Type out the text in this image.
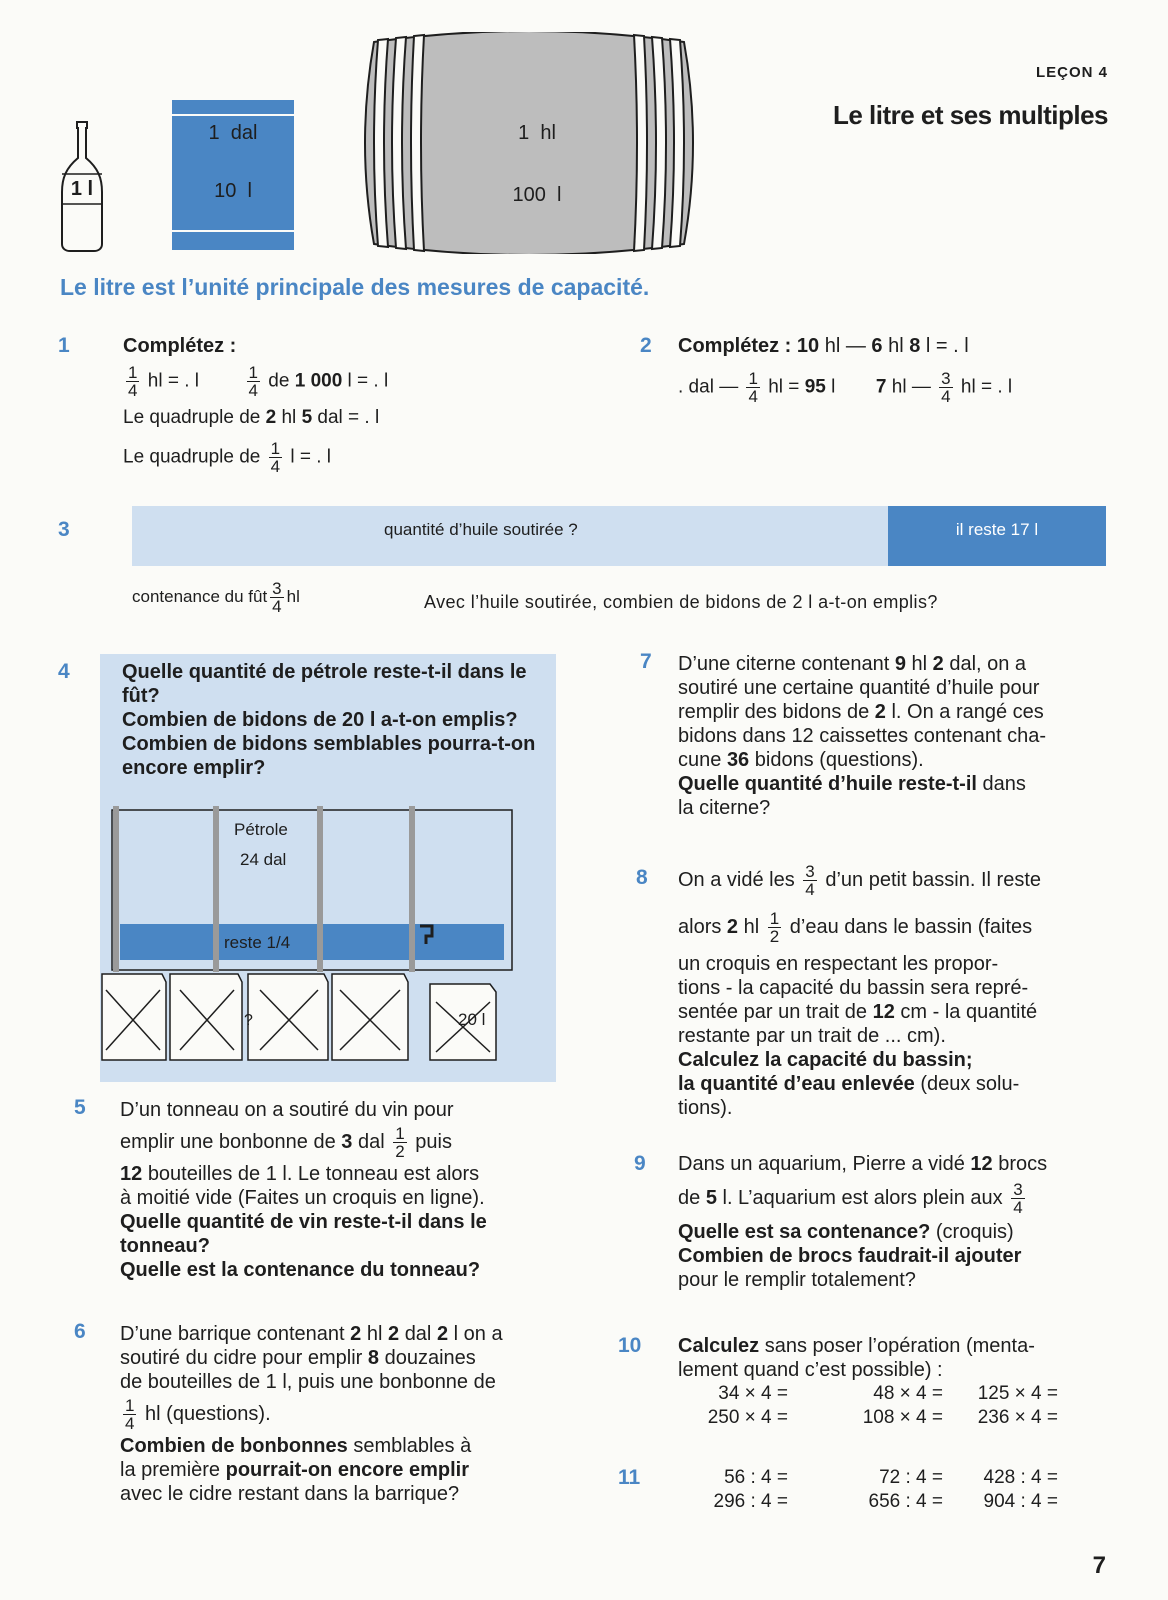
1 l
1  dal
10  l
1  hl
100  l
LEÇON 4
Le litre et ses multiples
Le litre est l’unité principale des mesures de capacité.
1	Complétez :
$\frac{1}{4}$ hl = . l	$\frac{1}{4}$ de 1 000 l = . l
Le quadruple de 2 hl 5 dal = . l
Le quadruple de $\frac{1}{4}$ l = . l
2 Complétez : 10 hl — 6 hl 8 l = . l
. dal — $\frac{1}{4}$ hl = 95 l 7 hl — $\frac{3}{4}$ hl = . l
3	quantité d’huile soutirée ?	il reste 17 l
contenance du fût $\frac{3}{4}$ hl	Avec l’huile soutirée, combien de bidons de 2 l a-t-on emplis?
4	Quelle quantité de pétrole reste-t-il dans le fût?
Combien de bidons de 20 l a-t-on emplis?
Combien de bidons semblables pourra-t-on encore emplir?
Pétrole
24 dal
reste 1/4
?	20 l
5 D’un tonneau on a soutiré du vin pour
emplir une bonbonne de 3 dal $\frac{1}{2}$ puis
12 bouteilles de 1 l. Le tonneau est alors
à moitié vide (Faites un croquis en ligne).
Quelle quantité de vin reste-t-il dans le tonneau?
Quelle est la contenance du tonneau?
6 D’une barrique contenant 2 hl 2 dal 2 l on a
soutiré du cidre pour emplir 8 douzaines
de bouteilles de 1 l, puis une bonbonne de
$\frac{1}{4}$ hl (questions).
Combien de bonbonnes semblables à
la première pourrait-on encore emplir
avec le cidre restant dans la barrique?
7 D’une citerne contenant 9 hl 2 dal, on a
soutiré une certaine quantité d’huile pour
remplir des bidons de 2 l. On a rangé ces
bidons dans 12 caissettes contenant cha-
cune 36 bidons (questions).
Quelle quantité d’huile reste-t-il dans
la citerne?
8 On a vidé les $\frac{3}{4}$ d’un petit bassin. Il reste
alors 2 hl $\frac{1}{2}$ d’eau dans le bassin (faites
un croquis en respectant les propor-
tions - la capacité du bassin sera repré-
sentée par un trait de 12 cm - la quantité
restante par un trait de ... cm).
Calculez la capacité du bassin;
la quantité d’eau enlevée (deux solu-
tions).
9 Dans un aquarium, Pierre a vidé 12 brocs
de 5 l. L’aquarium est alors plein aux $\frac{3}{4}$
Quelle est sa contenance? (croquis)
Combien de brocs faudrait-il ajouter
pour le remplir totalement?
10 Calculez sans poser l’opération (menta-
lement quand c’est possible) :
34 × 4 =	48 × 4 =	125 × 4 =
250 × 4 =	108 × 4 =	236 × 4 =
11	56 : 4 =	72 : 4 =	428 : 4 =
296 : 4 =	656 : 4 =	904 : 4 =
7
